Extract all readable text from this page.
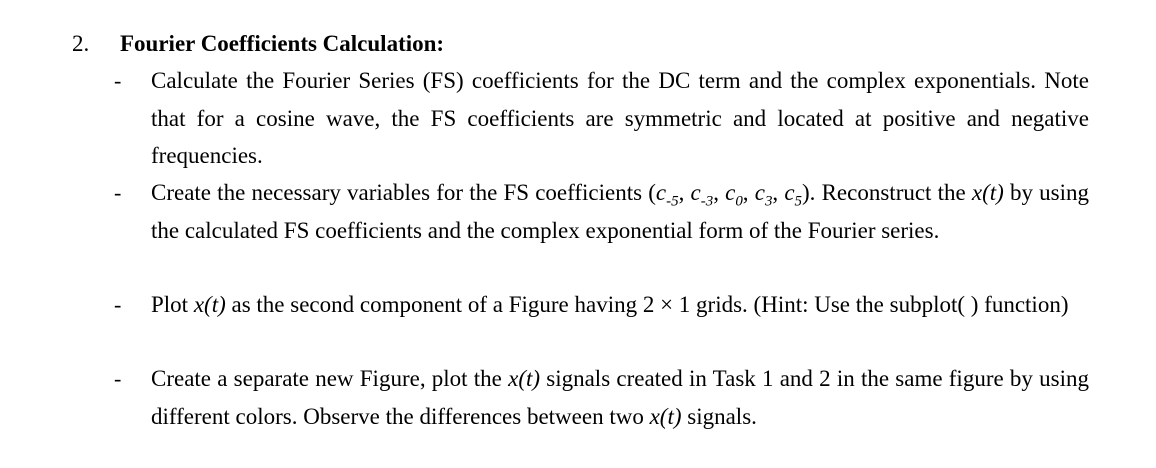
2. Fourier Coefficients Calculation:
- Calculate the Fourier Series (FS) coefficients for the DC term and the complex exponentials. Note that for a cosine wave, the FS coefficients are symmetric and located at positive and negative frequencies.
- Create the necessary variables for the FS coefficients ($c_{-5}$, $c_{-3}$, $c_0$, $c_3$, $c_5$). Reconstruct the x(t) by using the calculated FS coefficients and the complex exponential form of the Fourier series.
- Plot x(t) as the second component of a Figure having 2 × 1 grids. (Hint: Use the subplot( ) function)
- Create a separate new Figure, plot the x(t) signals created in Task 1 and 2 in the same figure by using different colors. Observe the differences between two x(t) signals.
